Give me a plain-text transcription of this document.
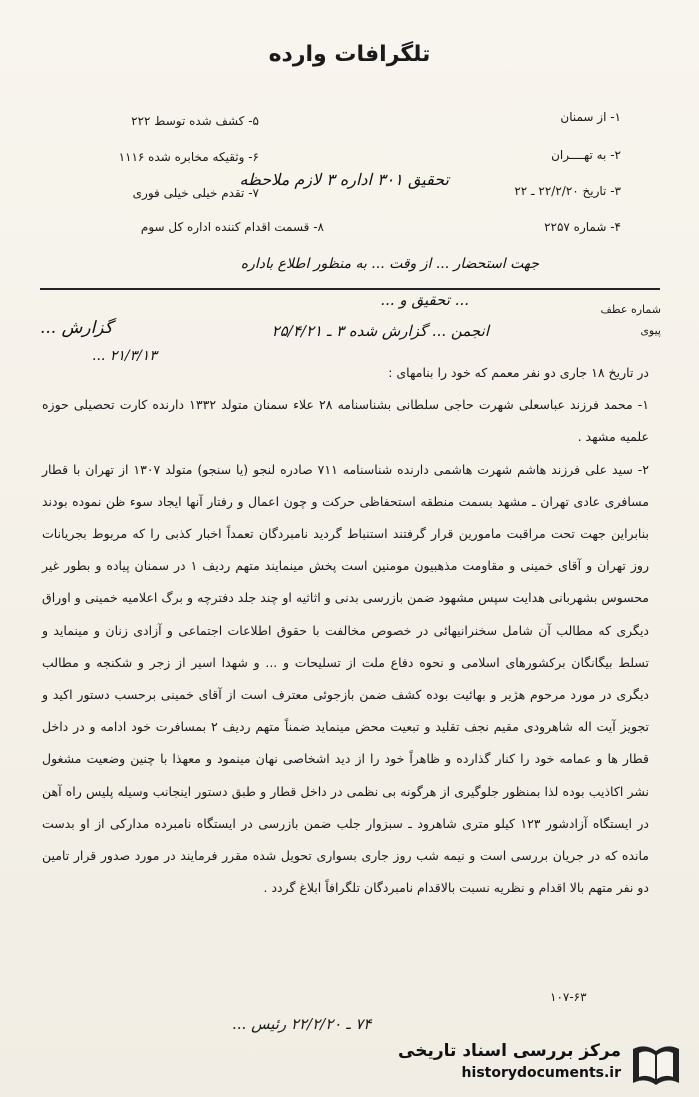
تلگرافات وارده
۱- از سمنان
۲- به تهــــران
۳- تاریخ ۲۲/۲/۲۰ ـ ۲۲
۴- شماره ۲۲۵۷
۵- کشف شده توسط ۲۲۲
۶- وثقیکه مخابره شده ۱۱۱۶
۷- تقدم خیلی خیلی فوری
۸- قسمت اقدام کننده اداره کل سوم
تحقیق ۳۰۱ اداره ۳ لازم ملاحظه
جهت استحضار ... از وقت ... به منظور اطلاع باداره
... تحقیق و ...
انجمن ... گزارش شده ۳ ـ ۲۵/۴/۲۱
شماره عطف
پیوی
گزارش ...
۲۱/۳/۱۳ ...

در تاریخ ۱۸ جاری دو نفر معمم که خود را بنامهای :

۱- محمد فرزند عباسعلی شهرت حاجی سلطانی بشناسنامه ۲۸ علاء سمنان متولد ۱۳۳۲ دارنده کارت تحصیلی حوزه علمیه مشهد .

۲- سید علی فرزند هاشم شهرت هاشمی دارنده شناسنامه ۷۱۱ صادره لنجو (یا سنجو) متولد ۱۳۰۷ از تهران با قطار مسافری عادی تهران ـ مشهد بسمت منطقه استحفاظی حرکت و چون اعمال و رفتار آنها ایجاد سوء ظن نموده بودند بنابراین جهت تحت مراقبت مامورین قرار گرفتند استنباط گردید نامبردگان تعمداً اخبار کذبی را که مربوط بجریانات روز تهران و آقای خمینی و مقاومت مذهبیون مومنین است پخش مینمایند متهم ردیف ۱ در سمنان پیاده و بطور غیر محسوس بشهربانی هدایت سپس مشهود ضمن بازرسی بدنی و اثاثیه او چند جلد دفترچه و برگ اعلامیه خمینی و اوراق دیگری که مطالب آن شامل سخنرانیهائی در خصوص مخالفت با حقوق اطلاعات اجتماعی و آزادی زنان و مینماید و تسلط بیگانگان برکشورهای اسلامی و نحوه دفاع ملت از تسلیحات و ... و شهدا اسیر از زجر و شکنجه و مطالب دیگری در مورد مرحوم هژیر و بهائیت بوده کشف ضمن بازجوئی معترف است از آقای خمینی برحسب دستور اکید و تجویز آیت اله شاهرودی مقیم نجف تقلید و تبعیت محض مینماید ضمناً متهم ردیف ۲ بمسافرت خود ادامه و در داخل قطار ها و عمامه خود را کنار گذارده و ظاهراً خود را از دید اشخاصی نهان مینمود و معهذا با چنین وضعیت مشغول نشر اکاذیب بوده لذا بمنظور جلوگیری از هرگونه بی نظمی در داخل قطار و طبق دستور اینجانب وسیله پلیس راه آهن در ایستگاه آزادشور ۱۲۳ کیلو متری شاهرود ـ سبزوار جلب ضمن بازرسی در ایستگاه نامبرده مدارکی از او بدست مانده که در جریان بررسی است و نیمه شب روز جاری بسواری تحویل شده مقرر فرمایند در مورد صدور قرار تامین دو نفر متهم بالا اقدام و نظریه نسبت بالاقدام نامبردگان تلگرافاً ابلاغ گردد .

۱۰۷-۶۳
۷۴ ـ ۲۲/۲/۲۰ رئیس ...
مرکز بررسی اسناد تاریخی
historydocuments.ir
